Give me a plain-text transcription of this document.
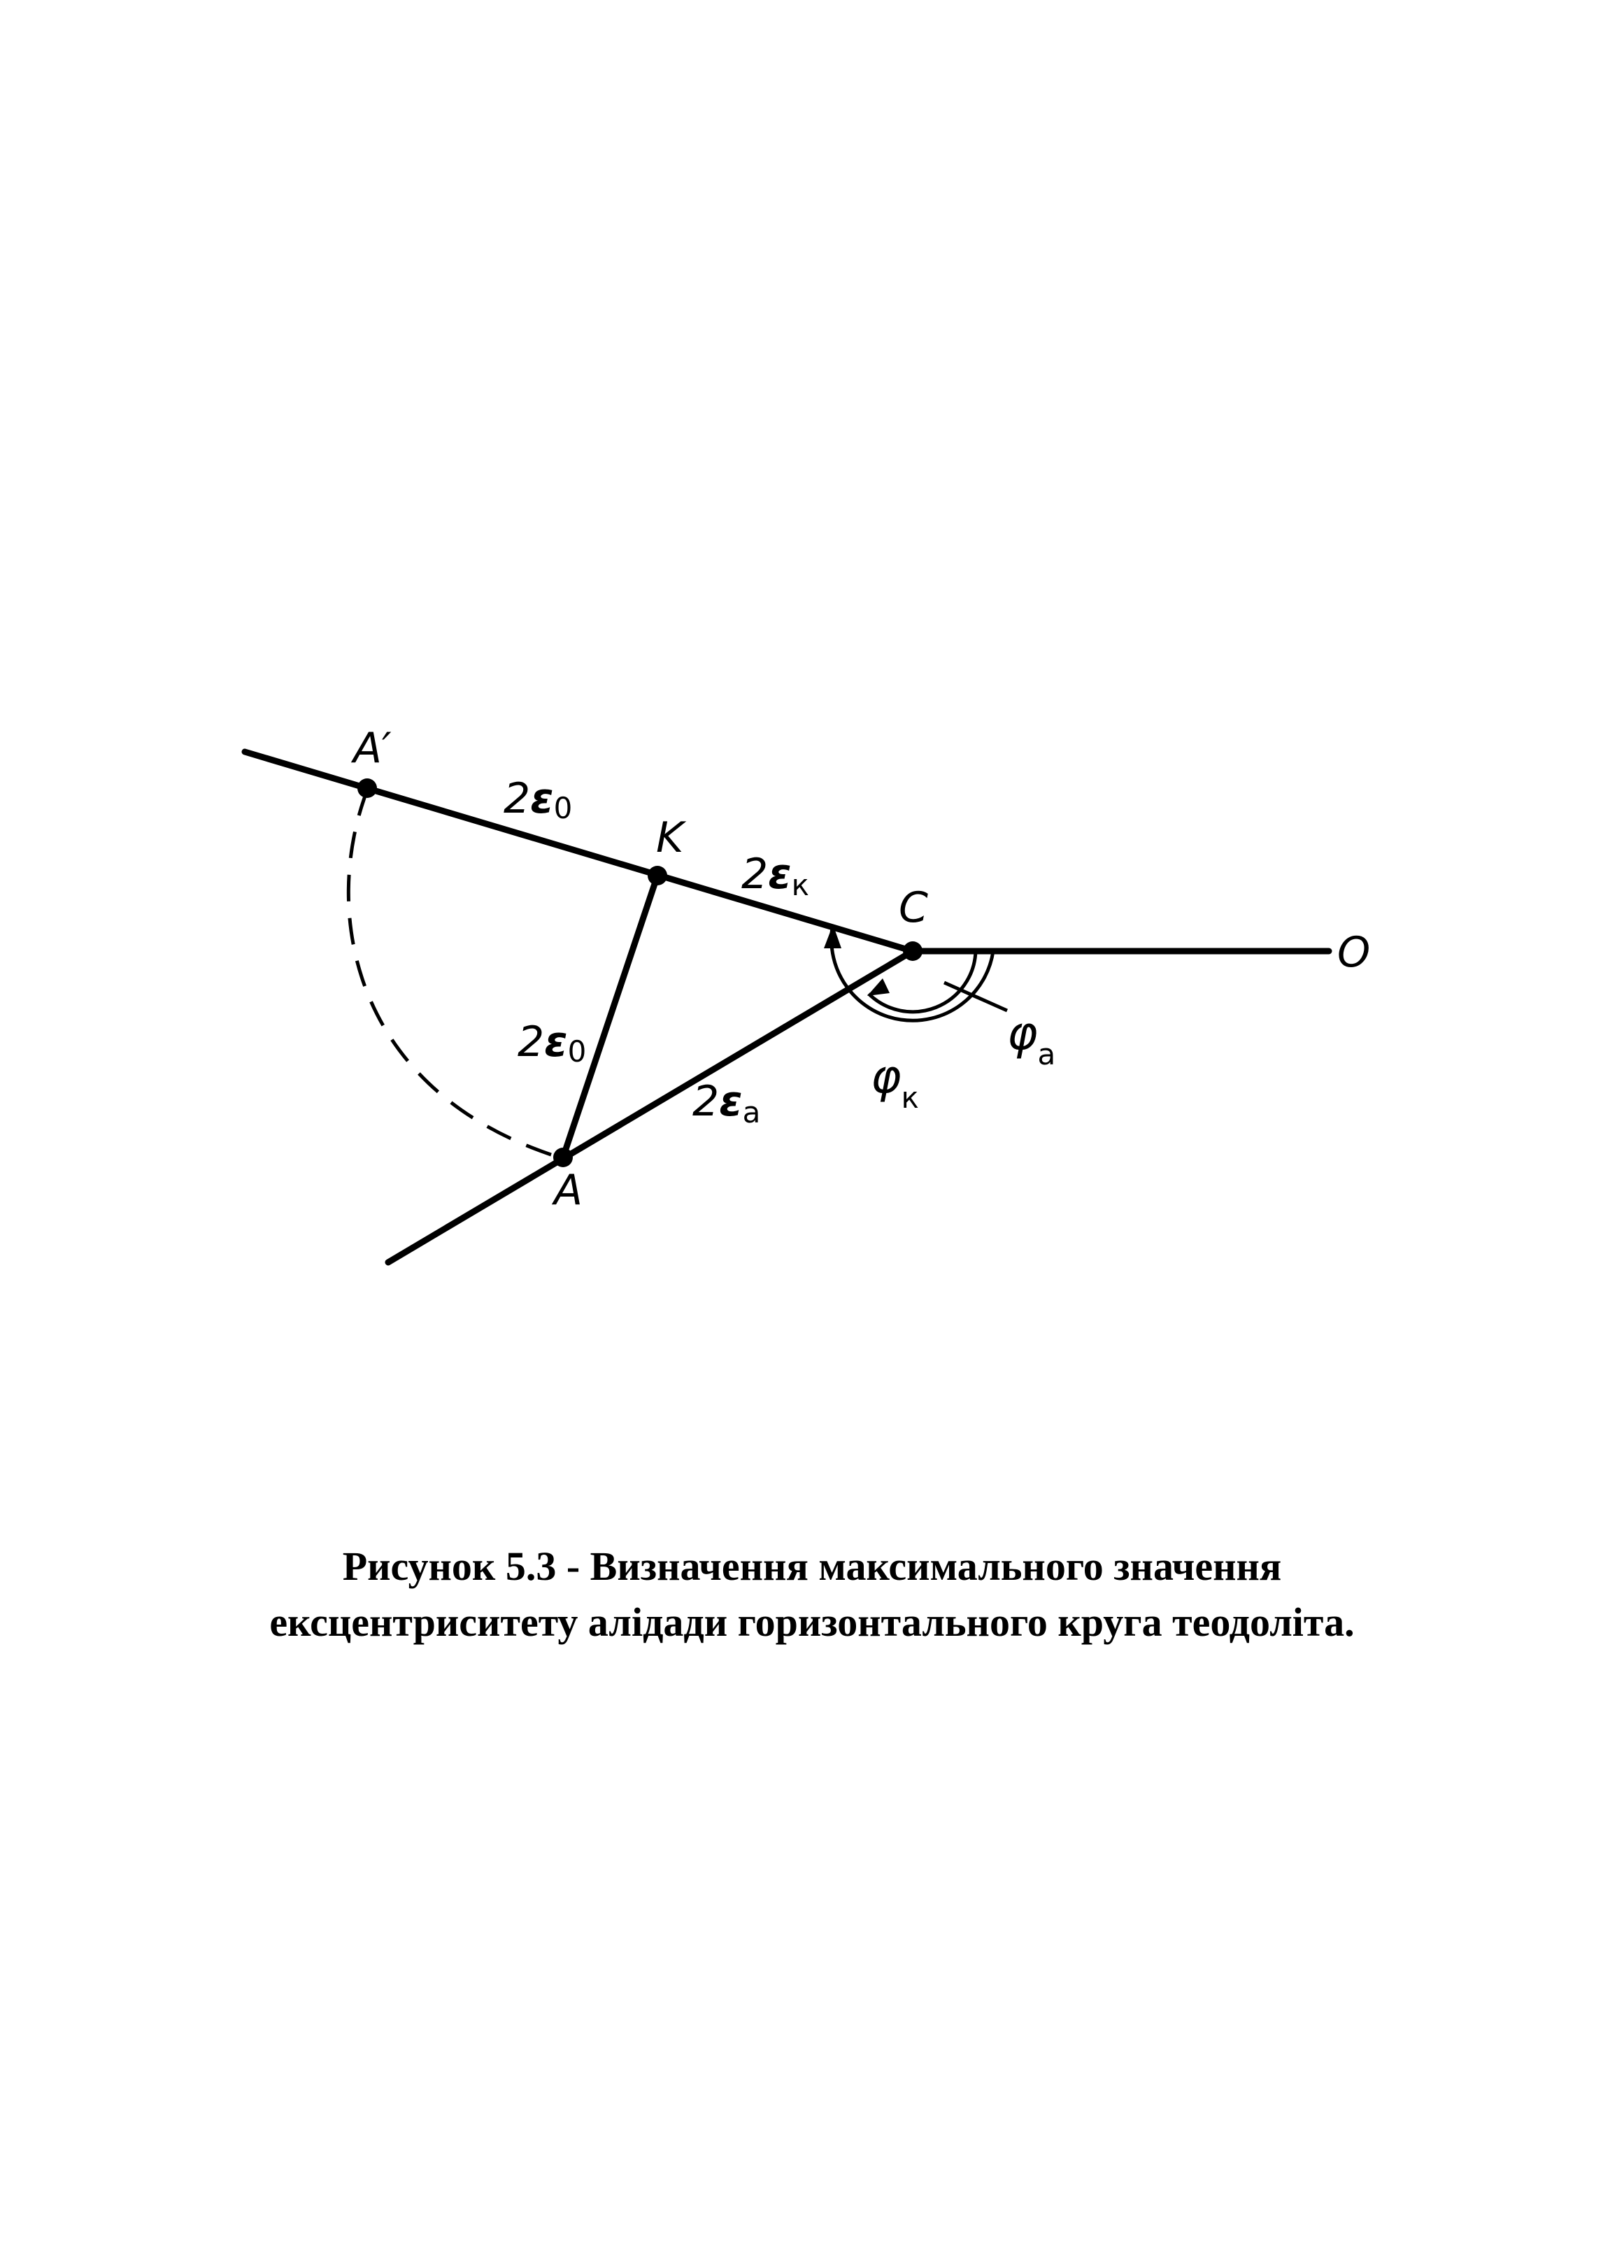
A′
K
C
O
A
2ε0
2εк
2ε0
2εa
$\varphi_a$
$\varphi_к$
Рисунок 5.3 - Визначення максимального значення
ексцентриситету алідади горизонтального круга теодоліта.
